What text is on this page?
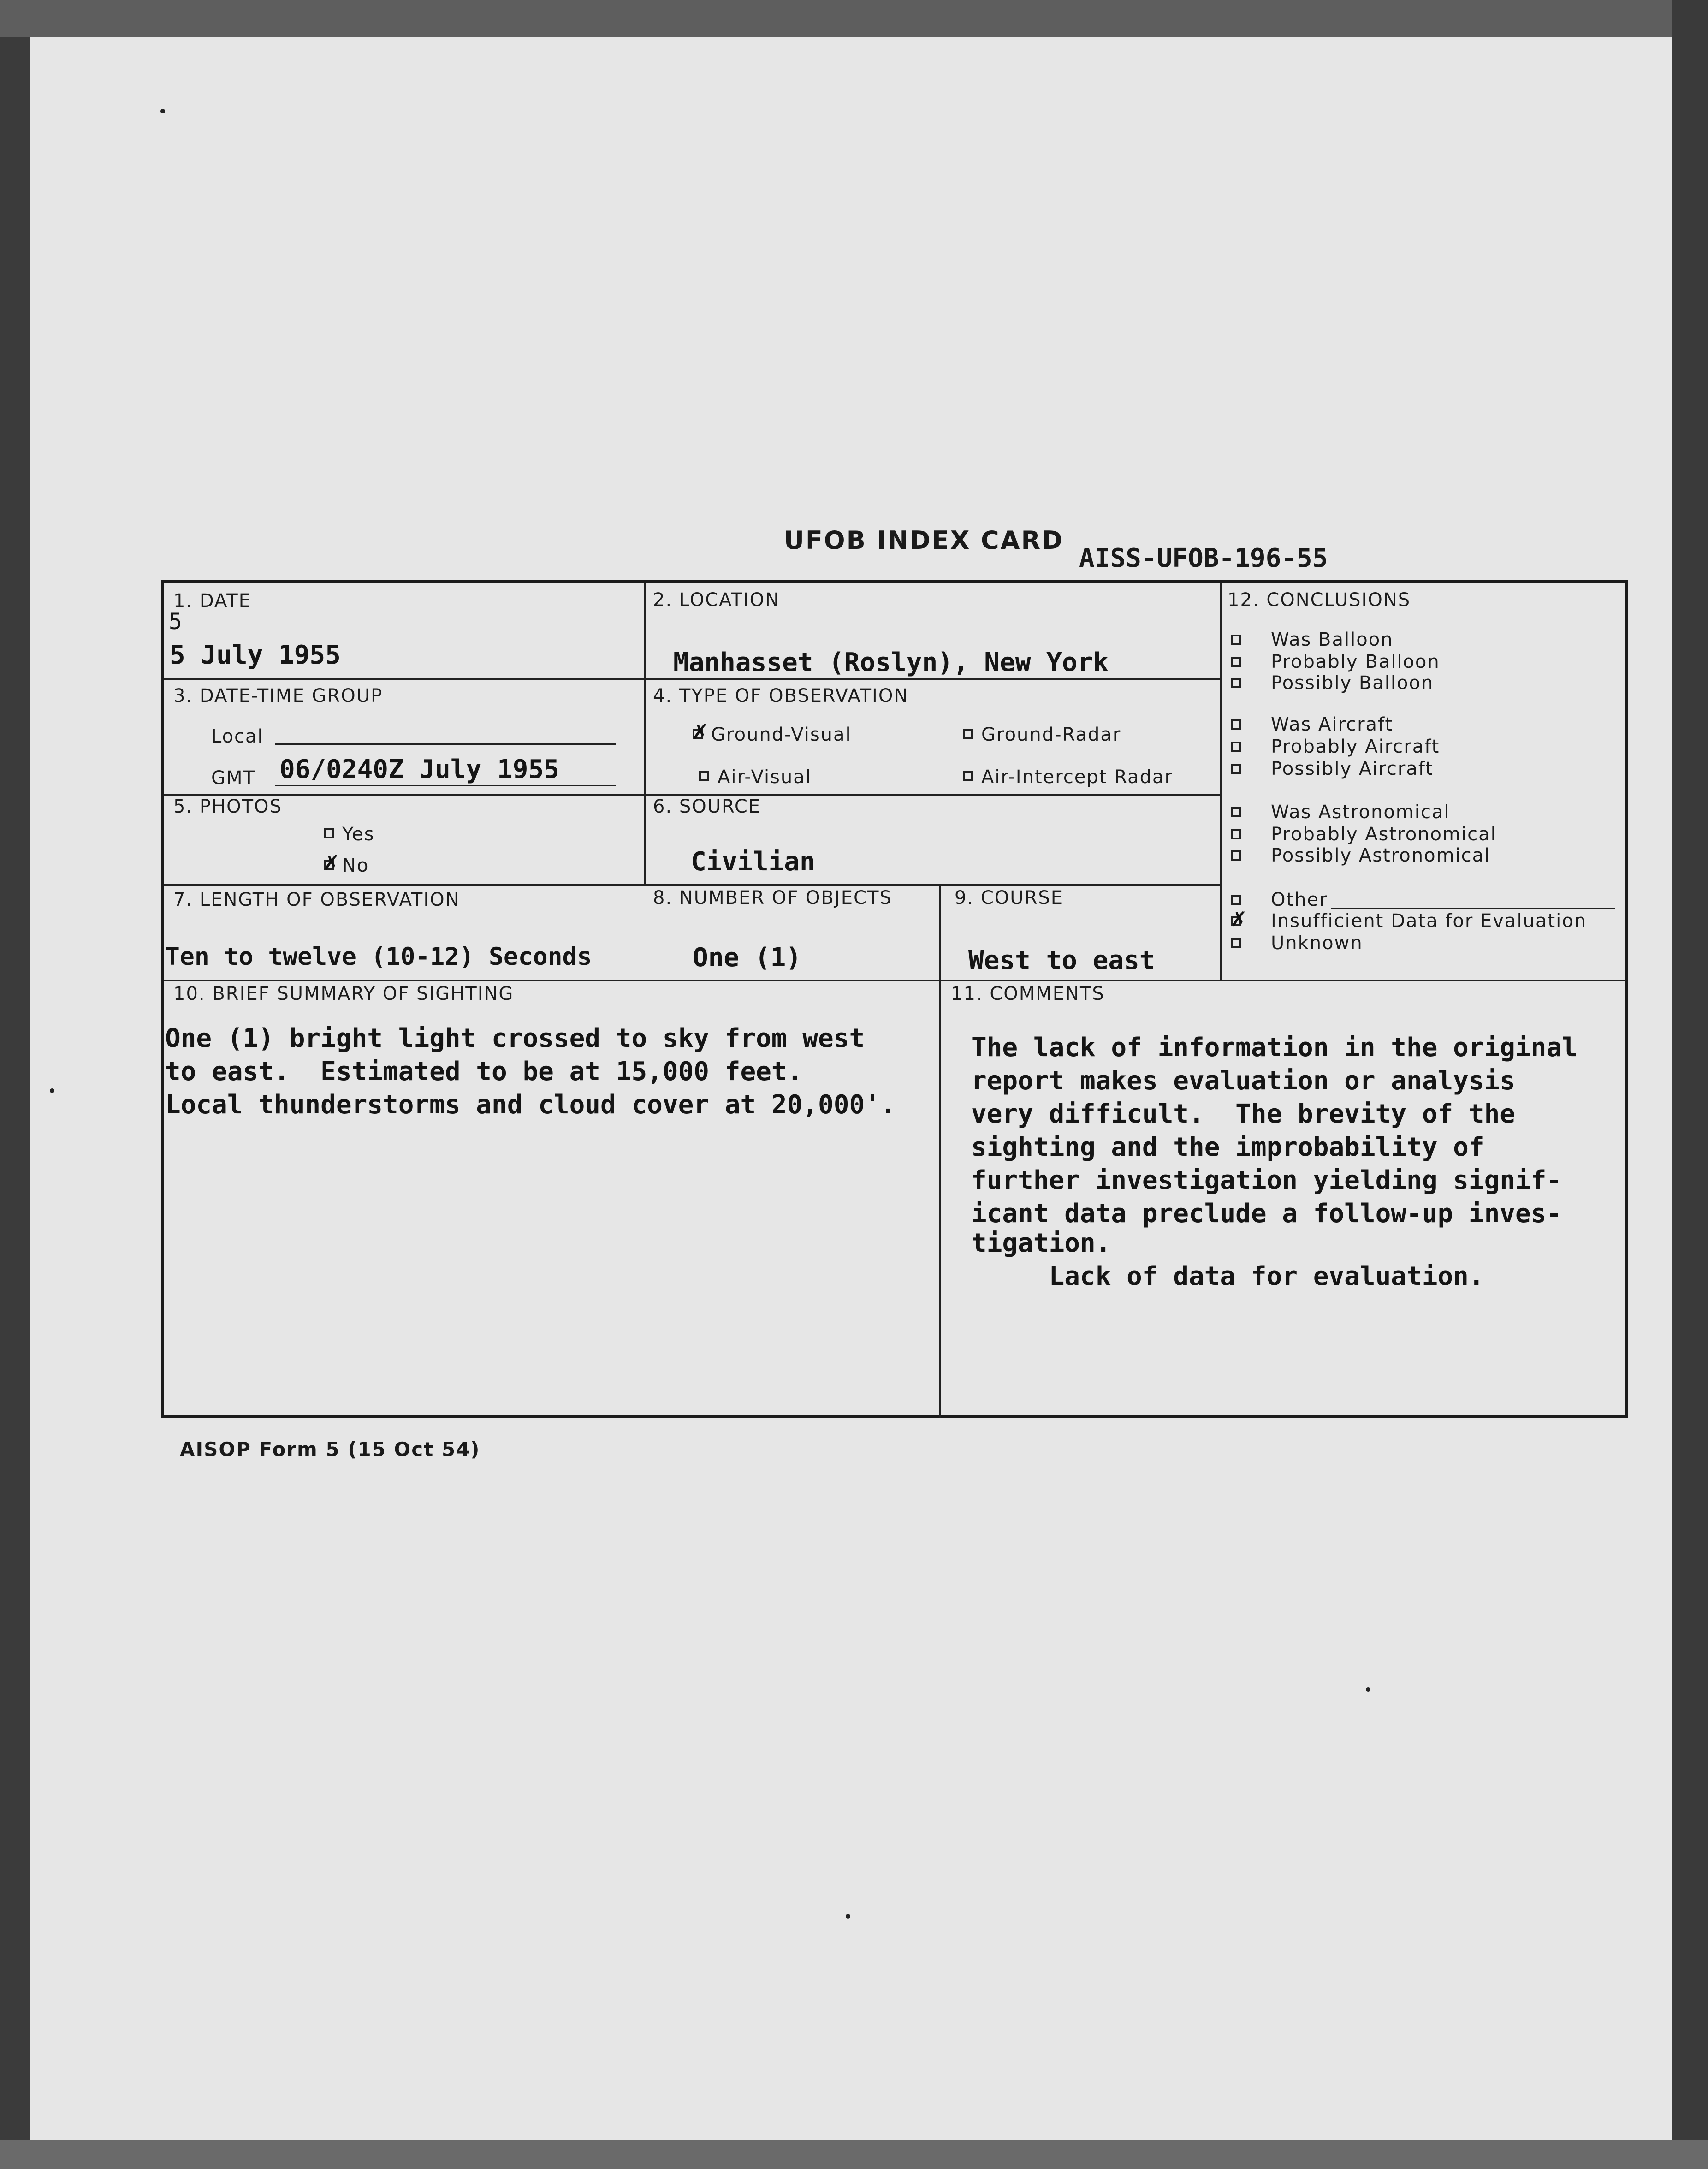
UFOB INDEX CARD
AISS-UFOB-196-55
1. DATE
5
5 July 1955
2. LOCATION
Manhasset (Roslyn), New York
3. DATE-TIME GROUP
Local
GMT 06/0240Z July 1955
4. TYPE OF OBSERVATION
✗
Ground-Visual	Ground-Radar
Air-Visual	Air-Intercept Radar
5. PHOTOS
Yes
✗
No
6. SOURCE
Civilian
7. LENGTH OF OBSERVATION
Ten to twelve (10-12) Seconds
8. NUMBER OF OBJECTS
One (1)
9. COURSE
West to east
10. BRIEF SUMMARY OF SIGHTING
One (1) bright light crossed to sky from west
to east.  Estimated to be at 15,000 feet.
Local thunderstorms and cloud cover at 20,000'.
11. COMMENTS
The lack of information in the original
report makes evaluation or analysis
very difficult.  The brevity of the
sighting and the improbability of
further investigation yielding signif-
icant data preclude a follow-up inves-
tigation.
Lack of data for evaluation.
12. CONCLUSIONS
Was Balloon
Probably Balloon
Possibly Balloon
Was Aircraft
Probably Aircraft
Possibly Aircraft
Was Astronomical
Probably Astronomical
Possibly Astronomical
Other
✗
Insufficient Data for Evaluation
Unknown
AISOP Form 5 (15 Oct 54)
